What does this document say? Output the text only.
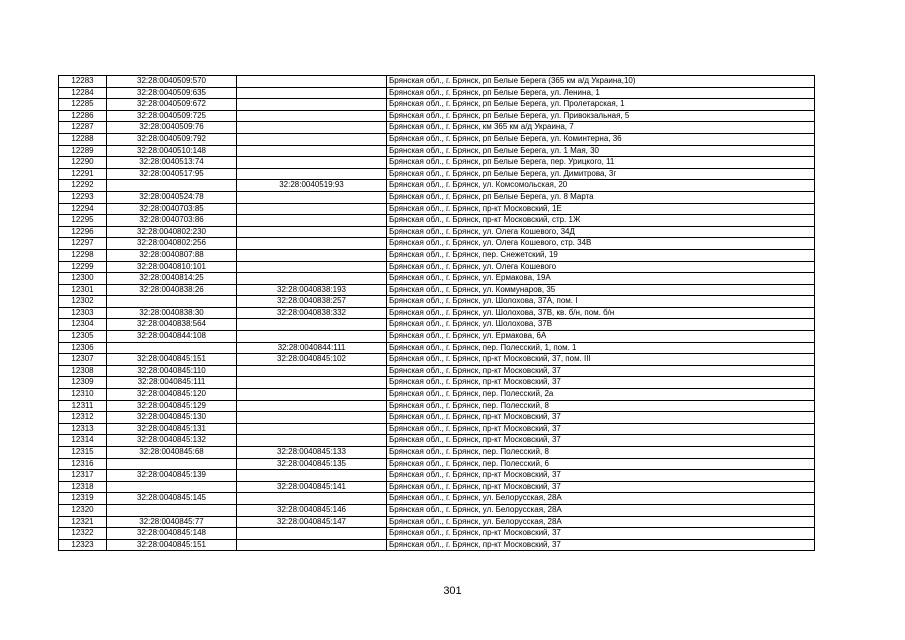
12283	32:28:0040509:570		Брянская обл., г. Брянск, рп Белые Берега (365 км а/д Украина,10)
12284	32:28:0040509:635		Брянская обл., г. Брянск, рп Белые Берега, ул. Ленина, 1
12285	32:28:0040509:672		Брянская обл., г. Брянск, рп Белые Берега, ул. Пролетарская, 1
12286	32:28:0040509:725		Брянская обл., г. Брянск, рп Белые Берега, ул. Привокзальная, 5
12287	32:28:0040509:76		Брянская обл., г. Брянск, км 365 км а/д Украина, 7
12288	32:28:0040509:792		Брянская обл., г. Брянск, рп Белые Берега, ул. Коминтерна, 36
12289	32:28:0040510:148		Брянская обл., г. Брянск, рп Белые Берега, ул. 1 Мая, 30
12290	32:28:0040513:74		Брянская обл., г. Брянск, рп Белые Берега, пер. Урицкого, 11
12291	32:28:0040517:95		Брянская обл., г. Брянск, рп Белые Берега, ул. Димитрова, 3г
12292		32:28:0040519:93	Брянская обл., г. Брянск, ул. Комсомольская, 20
12293	32:28:0040524:78		Брянская обл., г. Брянск, рп Белые Берега, ул. 8 Марта
12294	32:28:0040703:85		Брянская обл., г. Брянск, пр-кт Московский, 1Е
12295	32:28:0040703:86		Брянская обл., г. Брянск, пр-кт Московский, стр. 1Ж
12296	32:28:0040802:230		Брянская обл., г. Брянск, ул. Олега Кошевого, 34Д
12297	32:28:0040802:256		Брянская обл., г. Брянск, ул. Олега Кошевого, стр. 34В
12298	32:28:0040807:88		Брянская обл., г. Брянск, пер. Снежетский, 19
12299	32:28:0040810:101		Брянская обл., г. Брянск, ул. Олега Кошевого
12300	32:28:0040814:25		Брянская обл., г. Брянск, ул. Ермакова, 19А
12301	32:28:0040838:26	32:28:0040838:193	Брянская обл., г. Брянск, ул. Коммунаров, 35
12302		32:28:0040838:257	Брянская обл., г. Брянск, ул. Шолохова, 37А, пом. I
12303	32:28:0040838:30	32:28:0040838:332	Брянская обл., г. Брянск, ул. Шолохова, 37В, кв. б/н, пом. б/н
12304	32:28:0040838:564		Брянская обл., г. Брянск, ул. Шолохова, 37В
12305	32:28:0040844:108		Брянская обл., г. Брянск, ул. Ермакова, 6А
12306		32:28:0040844:111	Брянская обл., г. Брянск, пер. Полесский, 1, пом. 1
12307	32:28:0040845:151	32:28:0040845:102	Брянская обл., г. Брянск, пр-кт Московский, 37, пом. III
12308	32:28:0040845:110		Брянская обл., г. Брянск, пр-кт Московский, 37
12309	32:28:0040845:111		Брянская обл., г. Брянск, пр-кт Московский, 37
12310	32:28:0040845:120		Брянская обл., г. Брянск, пер. Полесский, 2а
12311	32:28:0040845:129		Брянская обл., г. Брянск, пер. Полесский, 8
12312	32:28:0040845:130		Брянская обл., г. Брянск, пр-кт Московский, 37
12313	32:28:0040845:131		Брянская обл., г. Брянск, пр-кт Московский, 37
12314	32:28:0040845:132		Брянская обл., г. Брянск, пр-кт Московский, 37
12315	32:28:0040845:68	32:28:0040845:133	Брянская обл., г. Брянск, пер. Полесский, 8
12316		32:28:0040845:135	Брянская обл., г. Брянск, пер. Полесский, 6
12317	32:28:0040845:139		Брянская обл., г. Брянск, пр-кт Московский, 37
12318		32:28:0040845:141	Брянская обл., г. Брянск, пр-кт Московский, 37
12319	32:28:0040845:145		Брянская обл., г. Брянск, ул. Белорусская, 28А
12320		32:28:0040845:146	Брянская обл., г. Брянск, ул. Белорусская, 28А
12321	32:28:0040845:77	32:28:0040845:147	Брянская обл., г. Брянск, ул. Белорусская, 28А
12322	32:28:0040845:148		Брянская обл., г. Брянск, пр-кт Московский, 37
12323	32:28:0040845:151		Брянская обл., г. Брянск, пр-кт Московский, 37
301
